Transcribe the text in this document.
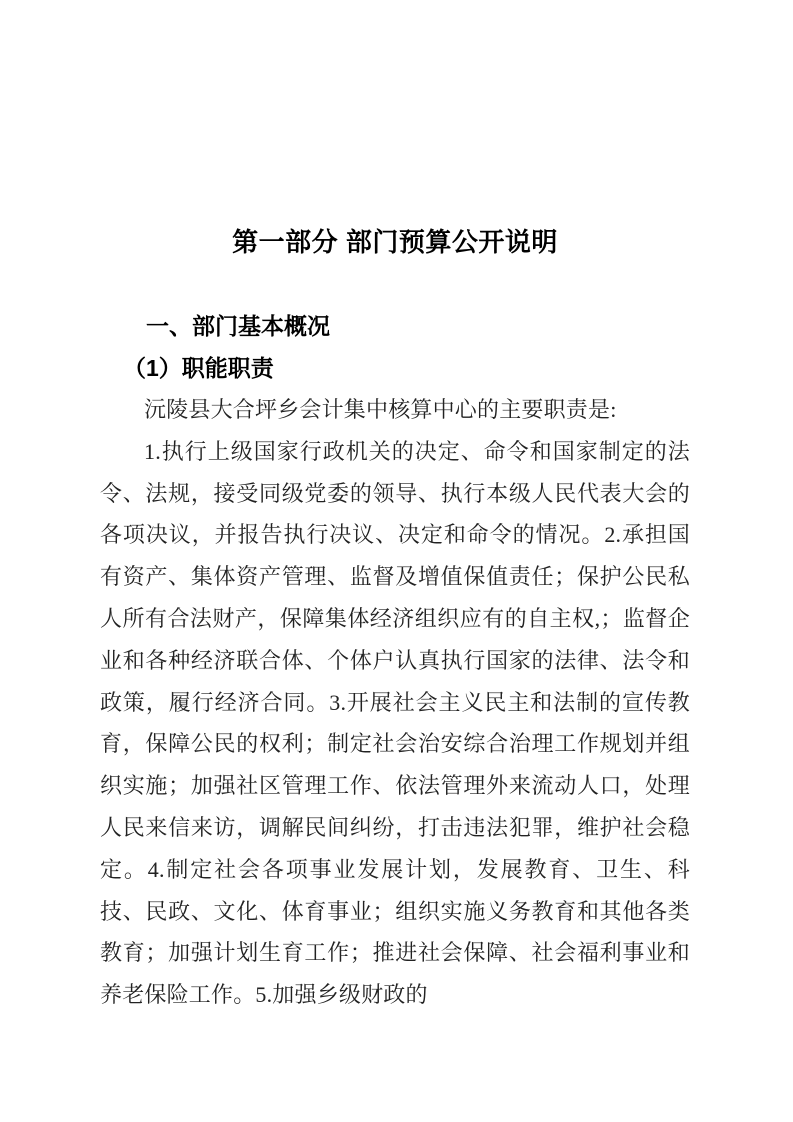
第一部分 部门预算公开说明
一、部门基本概况
（1）职能职责

沅陵县大合坪乡会计集中核算中心的主要职责是:

1.执行上级国家行政机关的决定、命令和国家制定的法令、法规，接受同级党委的领导、执行本级人民代表大会的各项决议，并报告执行决议、决定和命令的情况。2.承担国有资产、集体资产管理、监督及增值保值责任；保护公民私人所有合法财产，保障集体经济组织应有的自主权,；监督企业和各种经济联合体、个体户认真执行国家的法律、法令和政策，履行经济合同。3.开展社会主义民主和法制的宣传教育，保障公民的权利；制定社会治安综合治理工作规划并组织实施；加强社区管理工作、依法管理外来流动人口，处理人民来信来访，调解民间纠纷，打击违法犯罪，维护社会稳定。4.制定社会各项事业发展计划，发展教育、卫生、科技、民政、文化、体育事业；组织实施义务教育和其他各类教育；加强计划生育工作；推进社会保障、社会福利事业和养老保险工作。5.加强乡级财政的
